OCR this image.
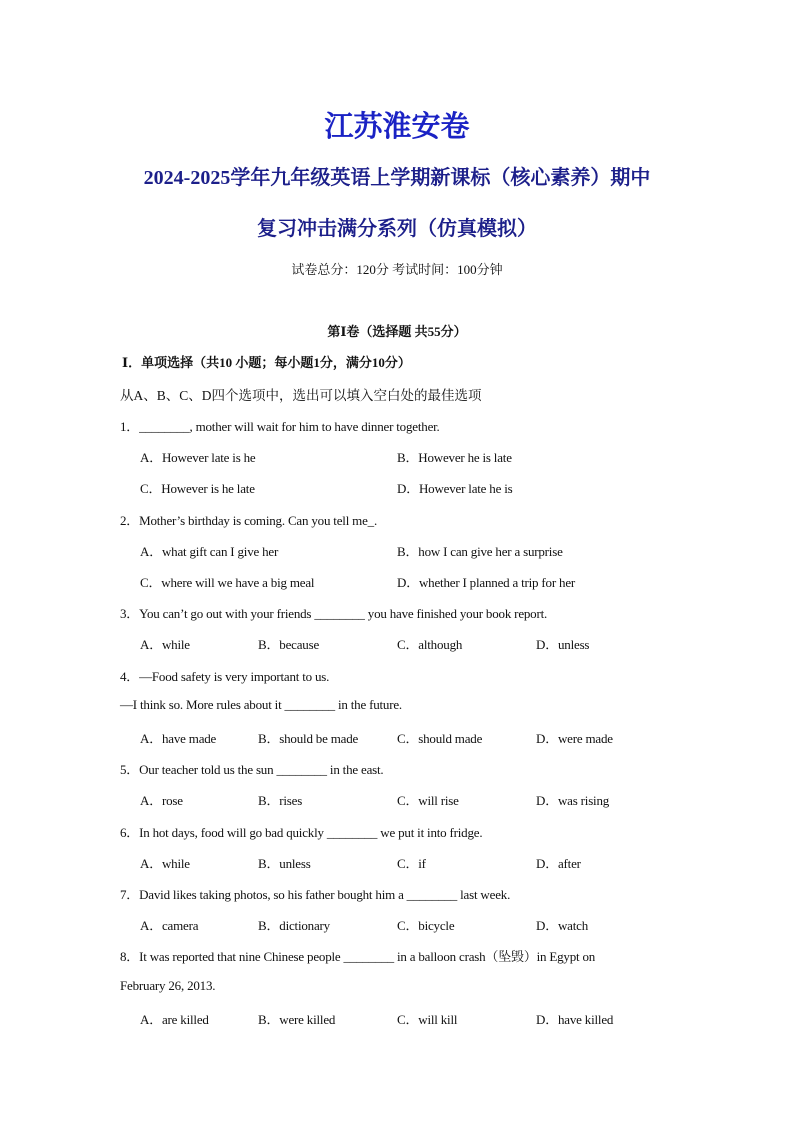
江苏淮安卷
2024-2025学年九年级英语上学期新课标（核心素养）期中
复习冲击满分系列（仿真模拟）
试卷总分：120分 考试时间：100分钟
第Ⅰ卷（选择题 共55分）
Ⅰ．单项选择（共10 小题；每小题1分，满分10分）
从A、B、C、D四个选项中，选出可以填入空白处的最佳选项
1．________, mother will wait for him to have dinner together.
A．However late is he	B．However he is late
C．However is he late	D．However late he is
2．Mother’s birthday is coming. Can you tell me_.
A．what gift can I give her	B．how I can give her a surprise
C．where will we have a big meal	D．whether I planned a trip for her
3．You can’t go out with your friends ________ you have finished your book report.
A．while	B．because	C．although	D．unless
4．—Food safety is very important to us.
—I think so. More rules about it ________ in the future.
A．have made	B．should be made	C．should made	D．were made
5．Our teacher told us the sun ________ in the east.
A．rose	B．rises	C．will rise	D．was rising
6．In hot days, food will go bad quickly ________ we put it into fridge.
A．while	B．unless	C．if	D．after
7．David likes taking photos, so his father bought him a ________ last week.
A．camera	B．dictionary	C．bicycle	D．watch
8．It was reported that nine Chinese people ________ in a balloon crash（坠毁）in Egypt on
February 26, 2013.
A．are killed	B．were killed	C．will kill	D．have killed
